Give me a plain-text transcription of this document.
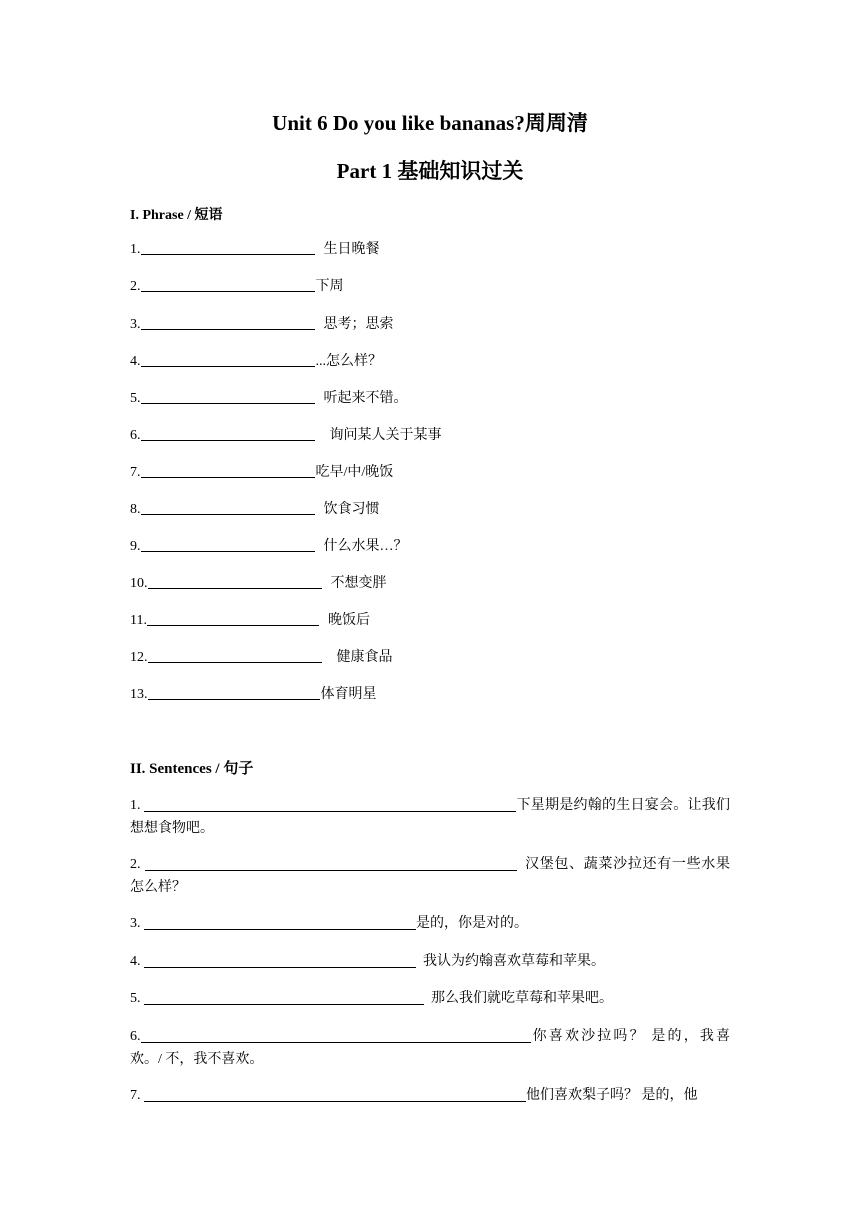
Unit 6 Do you like bananas?周周清
Part 1 基础知识过关
I. Phrase / 短语
1.	生日晚餐
2.	下周
3.	思考；思索
4.	...怎么样？
5.	听起来不错。
6.	询问某人关于某事
7.	吃早/中/晚饭
8.	饮食习惯
9.	什么水果…？
10.	不想变胖
11.	晚饭后
12.	健康食品
13.	体育明星
II. Sentences / 句子
1.	下星期是约翰的生日宴会。让我们想想食物吧。
2.	汉堡包、蔬菜沙拉还有一些水果怎么样？
3.	是的，你是对的。
4.	我认为约翰喜欢草莓和苹果。
5.	那么我们就吃草莓和苹果吧。
6.	你喜欢沙拉吗？ 是的，我喜欢。/ 不，我不喜欢。
7.	他们喜欢梨子吗？ 是的，他
